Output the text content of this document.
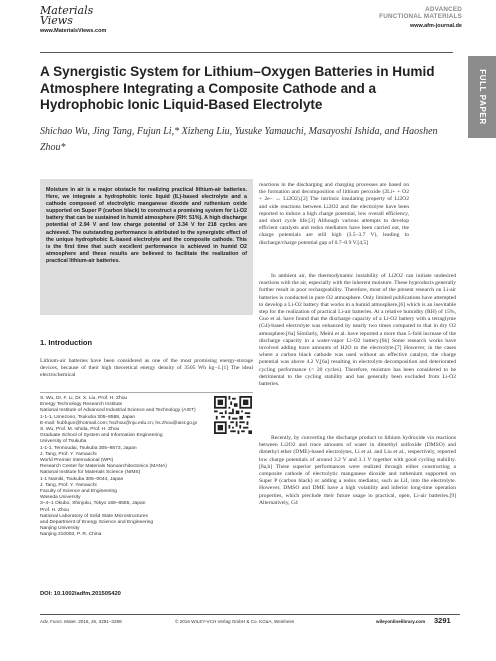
Materials Views
www.MaterialsViews.com
ADVANCED
FUNCTIONAL MATERIALS
www.afm-journal.de
FULL PAPER
A Synergistic System for Lithium–Oxygen Batteries in Humid Atmosphere Integrating a Composite Cathode and a Hydrophobic Ionic Liquid-Based Electrolyte
Shichao Wu, Jing Tang, Fujun Li,* Xizheng Liu, Yusuke Yamauchi, Masayoshi Ishida, and Haoshen Zhou*

Moisture in air is a major obstacle for realizing practical lithium-air batteries. Here, we integrate a hydrophobic ionic liquid (IL)-based electrolyte and a cathode composed of electrolytic manganese dioxide and ruthenium oxide supported on Super P (carbon black) to construct a promising system for Li-O2 battery that can be sustained in humid atmosphere (RH: 51%). A high discharge potential of 2.94 V and low charge potential of 3.34 V for 218 cycles are achieved. The outstanding performance is attributed to the synergistic effect of the unique hydrophobic IL-based electrolyte and the composite cathode. This is the first time that such excellent performance is achieved in humid O2 atmosphere and these results are believed to facilitate the realization of practical lithium-air batteries.

reactions in the discharging and charging processes are based on the formation and decomposition of lithium peroxide (2Li+ + O2 + 2e− ↔ Li2O2).[2] The intrinsic insulating property of Li2O2 and side reactions between Li2O2 and the electrolyte have been reported to induce a high charge potential, low overall efficiency, and short cycle life.[3] Although various attempts to develop efficient catalysts and redox mediators have been carried out, the charge potentials are still high (3.5–3.7 V), leading to discharge/charge potential gap of 0.7–0.9 V.[4,5]
In ambient air, the thermodynamic instability of Li2O2 can initiate undesired reactions with the air, especially with the inherent moisture. These byproducts generally further result in poor rechargeability. Therefore, most of the present research on Li-air batteries is conducted in pure O2 atmosphere. Only limited publications have attempted to develop a Li-O2 battery that works in a humid atmosphere,[6] which is an inevitable step for the realization of practical Li-air batteries. At a relative humidity (RH) of 15%, Guo et al. have found that the discharge capacity of a Li-O2 battery with a tetraglyme (G4)-based electrolyte was enhanced by nearly two times compared to that in dry O2 atmosphere.[6a] Similarly, Meini et al. have reported a more than 5-fold increase of the discharge capacity in a water-vapor Li-O2 battery.[6b] Some research works have involved adding trace amounts of H2O to the electrolyte.[7] However, in the cases where a carbon black cathode was used without an effective catalyst, the charge potential was above 4.2 V,[6a] resulting in electrolyte decomposition and deteriorated cycling performance (< 20 cycles). Therefore, moisture has been considered to be detrimental to the cycling stability and has generally been excluded from Li-O2 batteries.
Recently, by converting the discharge product to lithium hydroxide via reactions between Li2O2 and trace amounts of water in dimethyl sulfoxide (DMSO) and dimethyl ether (DME)-based electrolytes, Li et al. and Liu et al., respectively, reported low charge potentials of around 3.2 V and 3.1 V together with good cycling stability.[8a,b] These superior performances were realized through either constructing a composite cathode of electrolytic manganese dioxide and ruthenium supported on Super P (carbon black) or adding a redox mediator, such as LiI, into the electrolyte. However, DMSO and DME have a high volatility and inferior long-time operation properties, which preclude their future usage in practical, open, Li-air batteries.[9] Alternatively, G4
1. Introduction
Lithium-air batteries have been considered as one of the most promising energy-storage devices, because of their high theoretical energy density of 3505 Wh kg−1.[1] The ideal electrochemical
S. Wu, Dr. F. Li, Dr. X. Liu, Prof. H. Zhou
Energy Technology Research Institute
National Institute of Advanced Industrial Science and Technology (AIST)
1-1-1, Umezono, Tsukuba 305–8568, Japan
E-mail: hubfujun@hotmail.com; hszhou@nju.edu.cn; hs.zhou@aist.go.jp
S. Wu, Prof. M. Ishida, Prof. H. Zhou
Graduate School of System and Information Engineering
University of Tsukuba
1-1-1, Tennoudai, Tsukuba 305–8573, Japan
J. Tang, Prof. Y. Yamauchi
World Premier International (WPI)
Research Center for Materials Nanoarchitectonics (MANA)
National Institute for Materials Science (NIMS)
1-1 Namiki, Tsukuba 305–0044, Japan
J. Tang, Prof. Y. Yamauchi
Faculty of Science and Engineering
Waseda University
3–4–1 Okubo, Shinjuku, Tokyo 169–8555, Japan
Prof. H. Zhou
National Laboratory of Solid State Microstructures
and Department of Energy Science and Engineering
Nanjing University
Nanjing 210093, P. R. China
DOI: 10.1002/adfm.201505420
Adv. Funct. Mater. 2016, 26, 3291–3298	© 2016 WILEY-VCH Verlag GmbH & Co. KGaA, Weinheim	wileyonlinelibrary.com 3291
